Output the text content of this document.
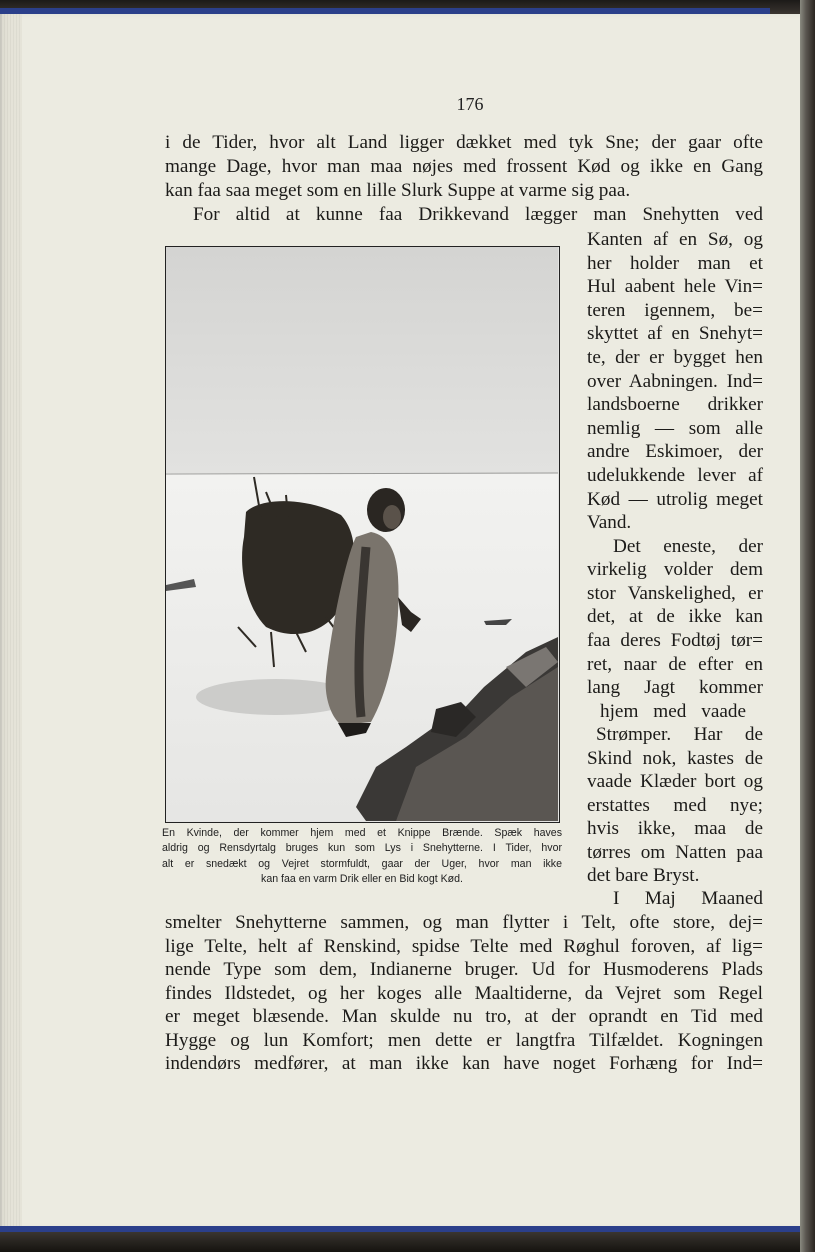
176
i de Tider, hvor alt Land ligger dækket med tyk Sne; der gaar ofte
mange Dage, hvor man maa nøjes med frossent Kød og ikke en Gang
kan faa saa meget som en lille Slurk Suppe at varme sig paa.
For altid at kunne faa Drikkevand lægger man Snehytten ved
Kanten af en Sø, og
her holder man et
Hul aabent hele Vin=
teren igennem, be=
skyttet af en Snehyt=
te, der er bygget hen
over Aabningen. Ind=
landsboerne drikker
nemlig — som alle
andre Eskimoer, der
udelukkende lever af
Kød — utrolig meget
Vand.
Det eneste, der
virkelig volder dem
stor Vanskelighed, er
det, at de ikke kan
faa deres Fodtøj tør=
ret, naar de efter en
lang Jagt kommer
hjem med vaade
Strømper. Har de
Skind nok, kastes de
vaade Klæder bort og
erstattes med nye;
hvis ikke, maa de
tørres om Natten paa
det bare Bryst.
I Maj Maaned
smelter Snehytterne sammen, og man flytter i Telt, ofte store, dej=
lige Telte, helt af Renskind, spidse Telte med Røghul foroven, af lig=
nende Type som dem, Indianerne bruger. Ud for Husmoderens Plads
findes Ildstedet, og her koges alle Maaltiderne, da Vejret som Regel
er meget blæsende. Man skulde nu tro, at der oprandt en Tid med
Hygge og lun Komfort; men dette er langtfra Tilfældet. Kogningen
indendørs medfører, at man ikke kan have noget Forhæng for Ind=
En Kvinde, der kommer hjem med et Knippe Brænde. Spæk haves
aldrig og Rensdyrtalg bruges kun som Lys i Snehytterne. I Tider, hvor
alt er snedækt og Vejret stormfuldt, gaar der Uger, hvor man ikke
kan faa en varm Drik eller en Bid kogt Kød.
